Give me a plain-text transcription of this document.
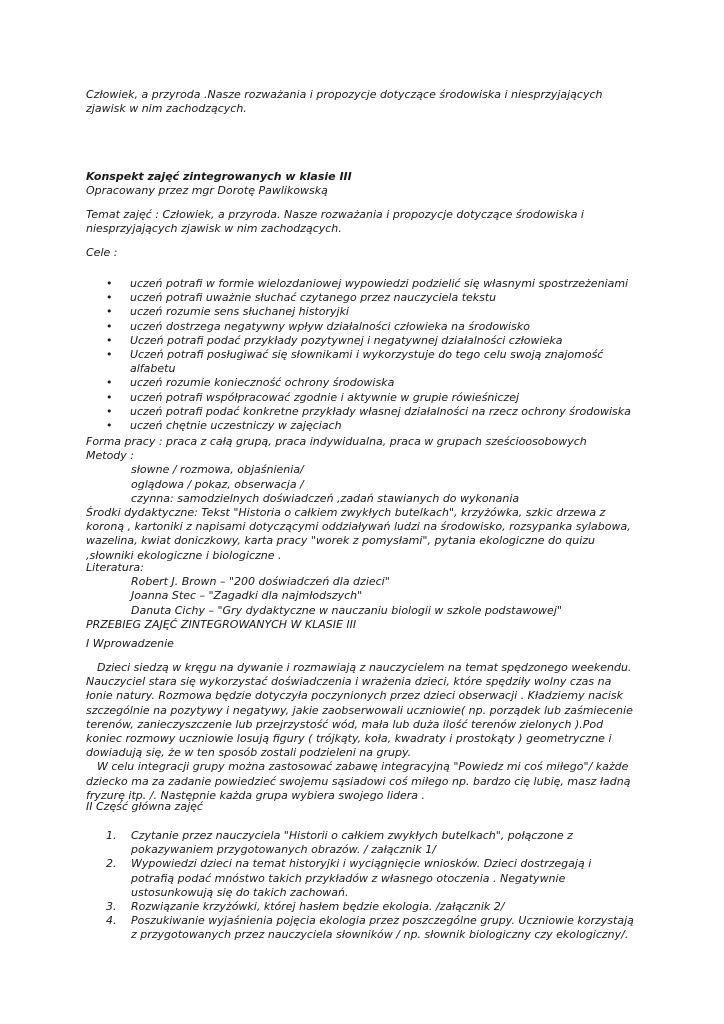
Człowiek, a przyroda .Nasze rozważania i propozycje dotyczące środowiska i niesprzyjających zjawisk w nim zachodzących.

Konspekt zajęć zintegrowanych w klasie III

Opracowany przez mgr Dorotę Pawlikowską

Temat zajęć : Człowiek, a przyroda. Nasze rozważania i propozycje dotyczące środowiska i niesprzyjających zjawisk w nim zachodzących.

Cele :

• uczeń potrafi w formie wielozdaniowej wypowiedzi podzielić się własnymi spostrzeżeniami
• uczeń potrafi uważnie słuchać czytanego przez nauczyciela tekstu
• uczeń rozumie sens słuchanej historyjki
• uczeń dostrzega negatywny wpływ działalności człowieka na środowisko
• Uczeń potrafi podać przykłady pozytywnej i negatywnej działalności człowieka
• Uczeń potrafi posługiwać się słownikami i wykorzystuje do tego celu swoją znajomość alfabetu
• uczeń rozumie konieczność ochrony środowiska
• uczeń potrafi współpracować zgodnie i aktywnie w grupie rówieśniczej
• uczeń potrafi podać konkretne przykłady własnej działalności na rzecz ochrony środowiska
• uczeń chętnie uczestniczy w zajęciach

Forma pracy : praca z całą grupą, praca indywidualna, praca w grupach sześcioosobowych

Metody :

słowne / rozmowa, objaśnienia/

oglądowa / pokaz, obserwacja /

czynna: samodzielnych doświadczeń ,zadań stawianych do wykonania

Środki dydaktyczne: Tekst "Historia o całkiem zwykłych butelkach", krzyżówka, szkic drzewa z koroną , kartoniki z napisami dotyczącymi oddziaływań ludzi na środowisko, rozsypanka sylabowa, wazelina, kwiat doniczkowy, karta pracy "worek z pomysłami", pytania ekologiczne do quizu ,słowniki ekologiczne i biologiczne .

Literatura:

Robert J. Brown – "200 doświadczeń dla dzieci"

Joanna Stec – "Zagadki dla najmłodszych"

Danuta Cichy – "Gry dydaktyczne w nauczaniu biologii w szkole podstawowej"

PRZEBIEG ZAJĘĆ ZINTEGROWANYCH W KLASIE III

I Wprowadzenie

Dzieci siedzą w kręgu na dywanie i rozmawiają z nauczycielem na temat spędzonego weekendu. Nauczyciel stara się wykorzystać doświadczenia i wrażenia dzieci, które spędziły wolny czas na łonie natury. Rozmowa będzie dotyczyła poczynionych przez dzieci obserwacji . Kładziemy nacisk szczególnie na pozytywy i negatywy, jakie zaobserwowali uczniowie( np. porządek lub zaśmiecenie terenów, zanieczyszczenie lub przejrzystość wód, mała lub duża ilość terenów zielonych ).Pod koniec rozmowy uczniowie losują figury ( trójkąty, koła, kwadraty i prostokąty ) geometryczne i dowiadują się, że w ten sposób zostali podzieleni na grupy.

W celu integracji grupy można zastosować zabawę integracyjną "Powiedz mi coś miłego"/ każde dziecko ma za zadanie powiedzieć swojemu sąsiadowi coś miłego np. bardzo cię lubię, masz ładną fryzurę itp. /. Następnie każda grupa wybiera swojego lidera .

II Część główna zajęć

1. Czytanie przez nauczyciela "Historii o całkiem zwykłych butelkach", połączone z pokazywaniem przygotowanych obrazów. / załącznik 1/
2. Wypowiedzi dzieci na temat historyjki i wyciągnięcie wniosków. Dzieci dostrzegają i potrafią podać mnóstwo takich przykładów z własnego otoczenia . Negatywnie ustosunkowują się do takich zachowań.
3. Rozwiązanie krzyżówki, której hasłem będzie ekologia. /załącznik 2/
4. Poszukiwanie wyjaśnienia pojęcia ekologia przez poszczególne grupy. Uczniowie korzystają z przygotowanych przez nauczyciela słowników / np. słownik biologiczny czy ekologiczny/.
